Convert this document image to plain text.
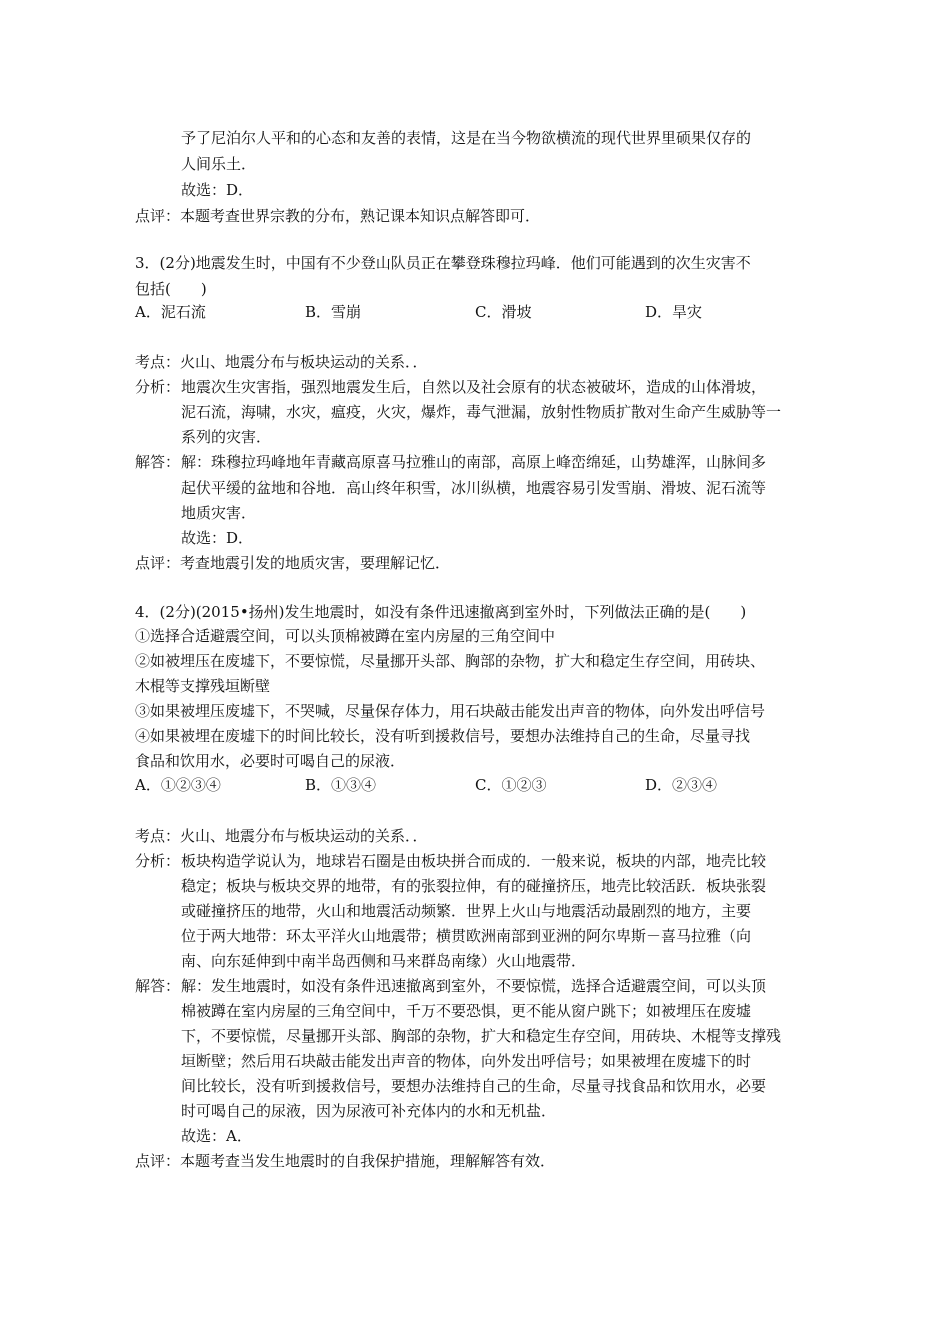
予了尼泊尔人平和的心态和友善的表情，这是在当今物欲横流的现代世界里硕果仅存的
人间乐土．
故选：D．
点评：本题考查世界宗教的分布，熟记课本知识点解答即可．
3．(2分)地震发生时，中国有不少登山队员正在攀登珠穆拉玛峰．他们可能遇到的次生灾害不
包括(　　)
A．泥石流	B．雪崩	C．滑坡	D．旱灾
考点：火山、地震分布与板块运动的关系．．
分析： 地震次生灾害指，强烈地震发生后，自然以及社会原有的状态被破坏，造成的山体滑坡，
泥石流，海啸，水灾，瘟疫，火灾，爆炸，毒气泄漏，放射性物质扩散对生命产生威胁等一
系列的灾害．
解答： 解：珠穆拉玛峰地年青藏高原喜马拉雅山的南部，高原上峰峦绵延，山势雄浑，山脉间多
起伏平缓的盆地和谷地．高山终年积雪，冰川纵横，地震容易引发雪崩、滑坡、泥石流等
地质灾害．
故选：D．
点评：考查地震引发的地质灾害，要理解记忆．
4．(2分)(2015•扬州)发生地震时，如没有条件迅速撤离到室外时，下列做法正确的是(　　)
①选择合适避震空间，可以头顶棉被蹲在室内房屋的三角空间中
②如被埋压在废墟下，不要惊慌，尽量挪开头部、胸部的杂物，扩大和稳定生存空间，用砖块、
木棍等支撑残垣断壁
③如果被埋压废墟下，不哭喊，尽量保存体力，用石块敲击能发出声音的物体，向外发出呼信号
④如果被埋在废墟下的时间比较长，没有听到援救信号，要想办法维持自己的生命，尽量寻找
食品和饮用水，必要时可喝自己的尿液．
A．①②③④	B．①③④	C．①②③	D．②③④
考点：火山、地震分布与板块运动的关系．．
分析： 板块构造学说认为，地球岩石圈是由板块拼合而成的．一般来说，板块的内部，地壳比较
稳定；板块与板块交界的地带，有的张裂拉伸，有的碰撞挤压，地壳比较活跃．板块张裂
或碰撞挤压的地带，火山和地震活动频繁．世界上火山与地震活动最剧烈的地方，主要
位于两大地带：环太平洋火山地震带；横贯欧洲南部到亚洲的阿尔卑斯－喜马拉雅（向
南、向东延伸到中南半岛西侧和马来群岛南缘）火山地震带．
解答： 解：发生地震时，如没有条件迅速撤离到室外，不要惊慌，选择合适避震空间，可以头顶
棉被蹲在室内房屋的三角空间中，千万不要恐惧，更不能从窗户跳下；如被埋压在废墟
下，不要惊慌，尽量挪开头部、胸部的杂物，扩大和稳定生存空间，用砖块、木棍等支撑残
垣断壁；然后用石块敲击能发出声音的物体，向外发出呼信号；如果被埋在废墟下的时
间比较长，没有听到援救信号，要想办法维持自己的生命，尽量寻找食品和饮用水，必要
时可喝自己的尿液，因为尿液可补充体内的水和无机盐．
故选：A．
点评：本题考查当发生地震时的自我保护措施，理解解答有效．
